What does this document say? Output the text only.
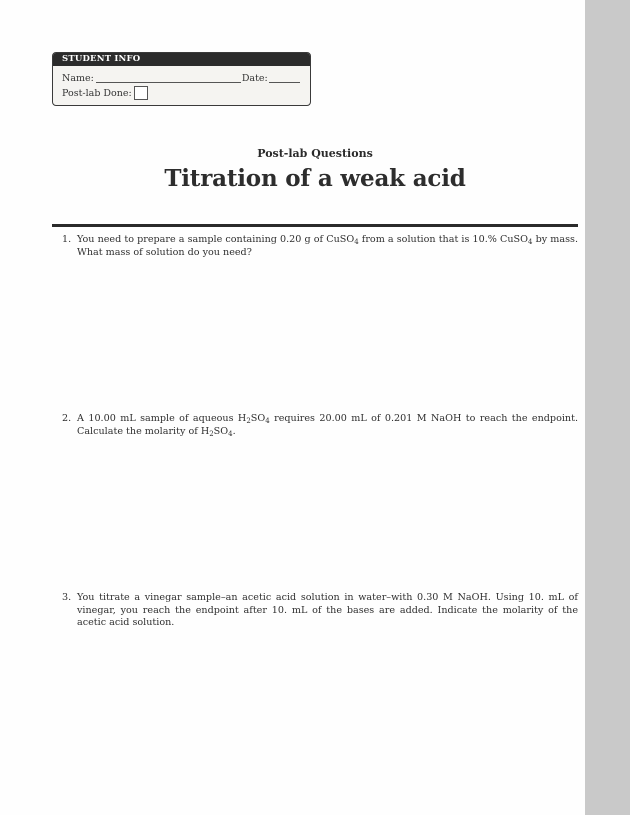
STUDENT INFO
Name:	Date:
Post-lab Done:
Post-lab Questions
Titration of a weak acid
1. You need to prepare a sample containing 0.20 g of CuSO$_4$ from a solution that is 10.% CuSO$_4$ by mass. What mass of solution do you need?
2. A 10.00 mL sample of aqueous $H_2SO_4$ requires 20.00 mL of 0.201 M NaOH to reach the endpoint. Calculate the molarity of $H_2SO_4$.
3. You titrate a vinegar sample–an acetic acid solution in water–with 0.30 M NaOH. Using 10. mL of vinegar, you reach the endpoint after 10. mL of the bases are added. Indicate the molarity of the acetic acid solution.
